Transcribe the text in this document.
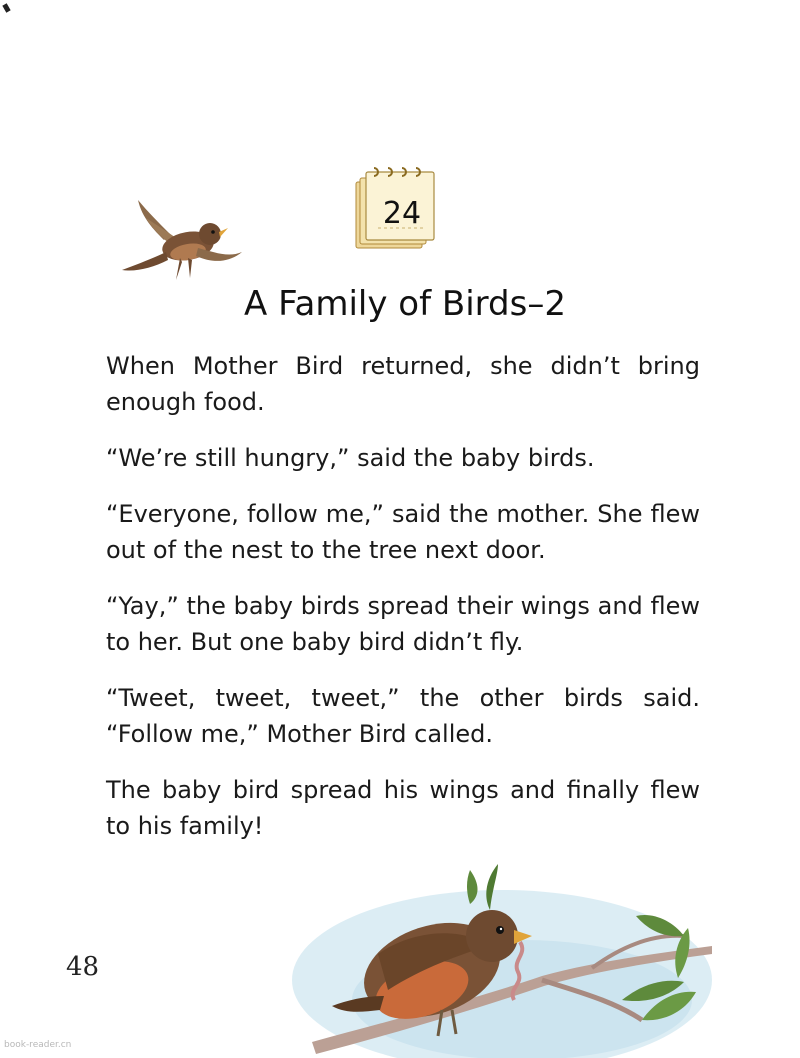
24
A Family of Birds–2

When Mother Bird returned, she didn’t bring enough food.

“We’re still hungry,” said the baby birds.

“Everyone, follow me,” said the mother. She flew out of the nest to the tree next door.

“Yay,” the baby birds spread their wings and flew to her. But one baby bird didn’t fly.

“Tweet, tweet, tweet,” the other birds said. “Follow me,” Mother Bird called.

The baby bird spread his wings and finally flew to his family!

48
book-reader.cn
